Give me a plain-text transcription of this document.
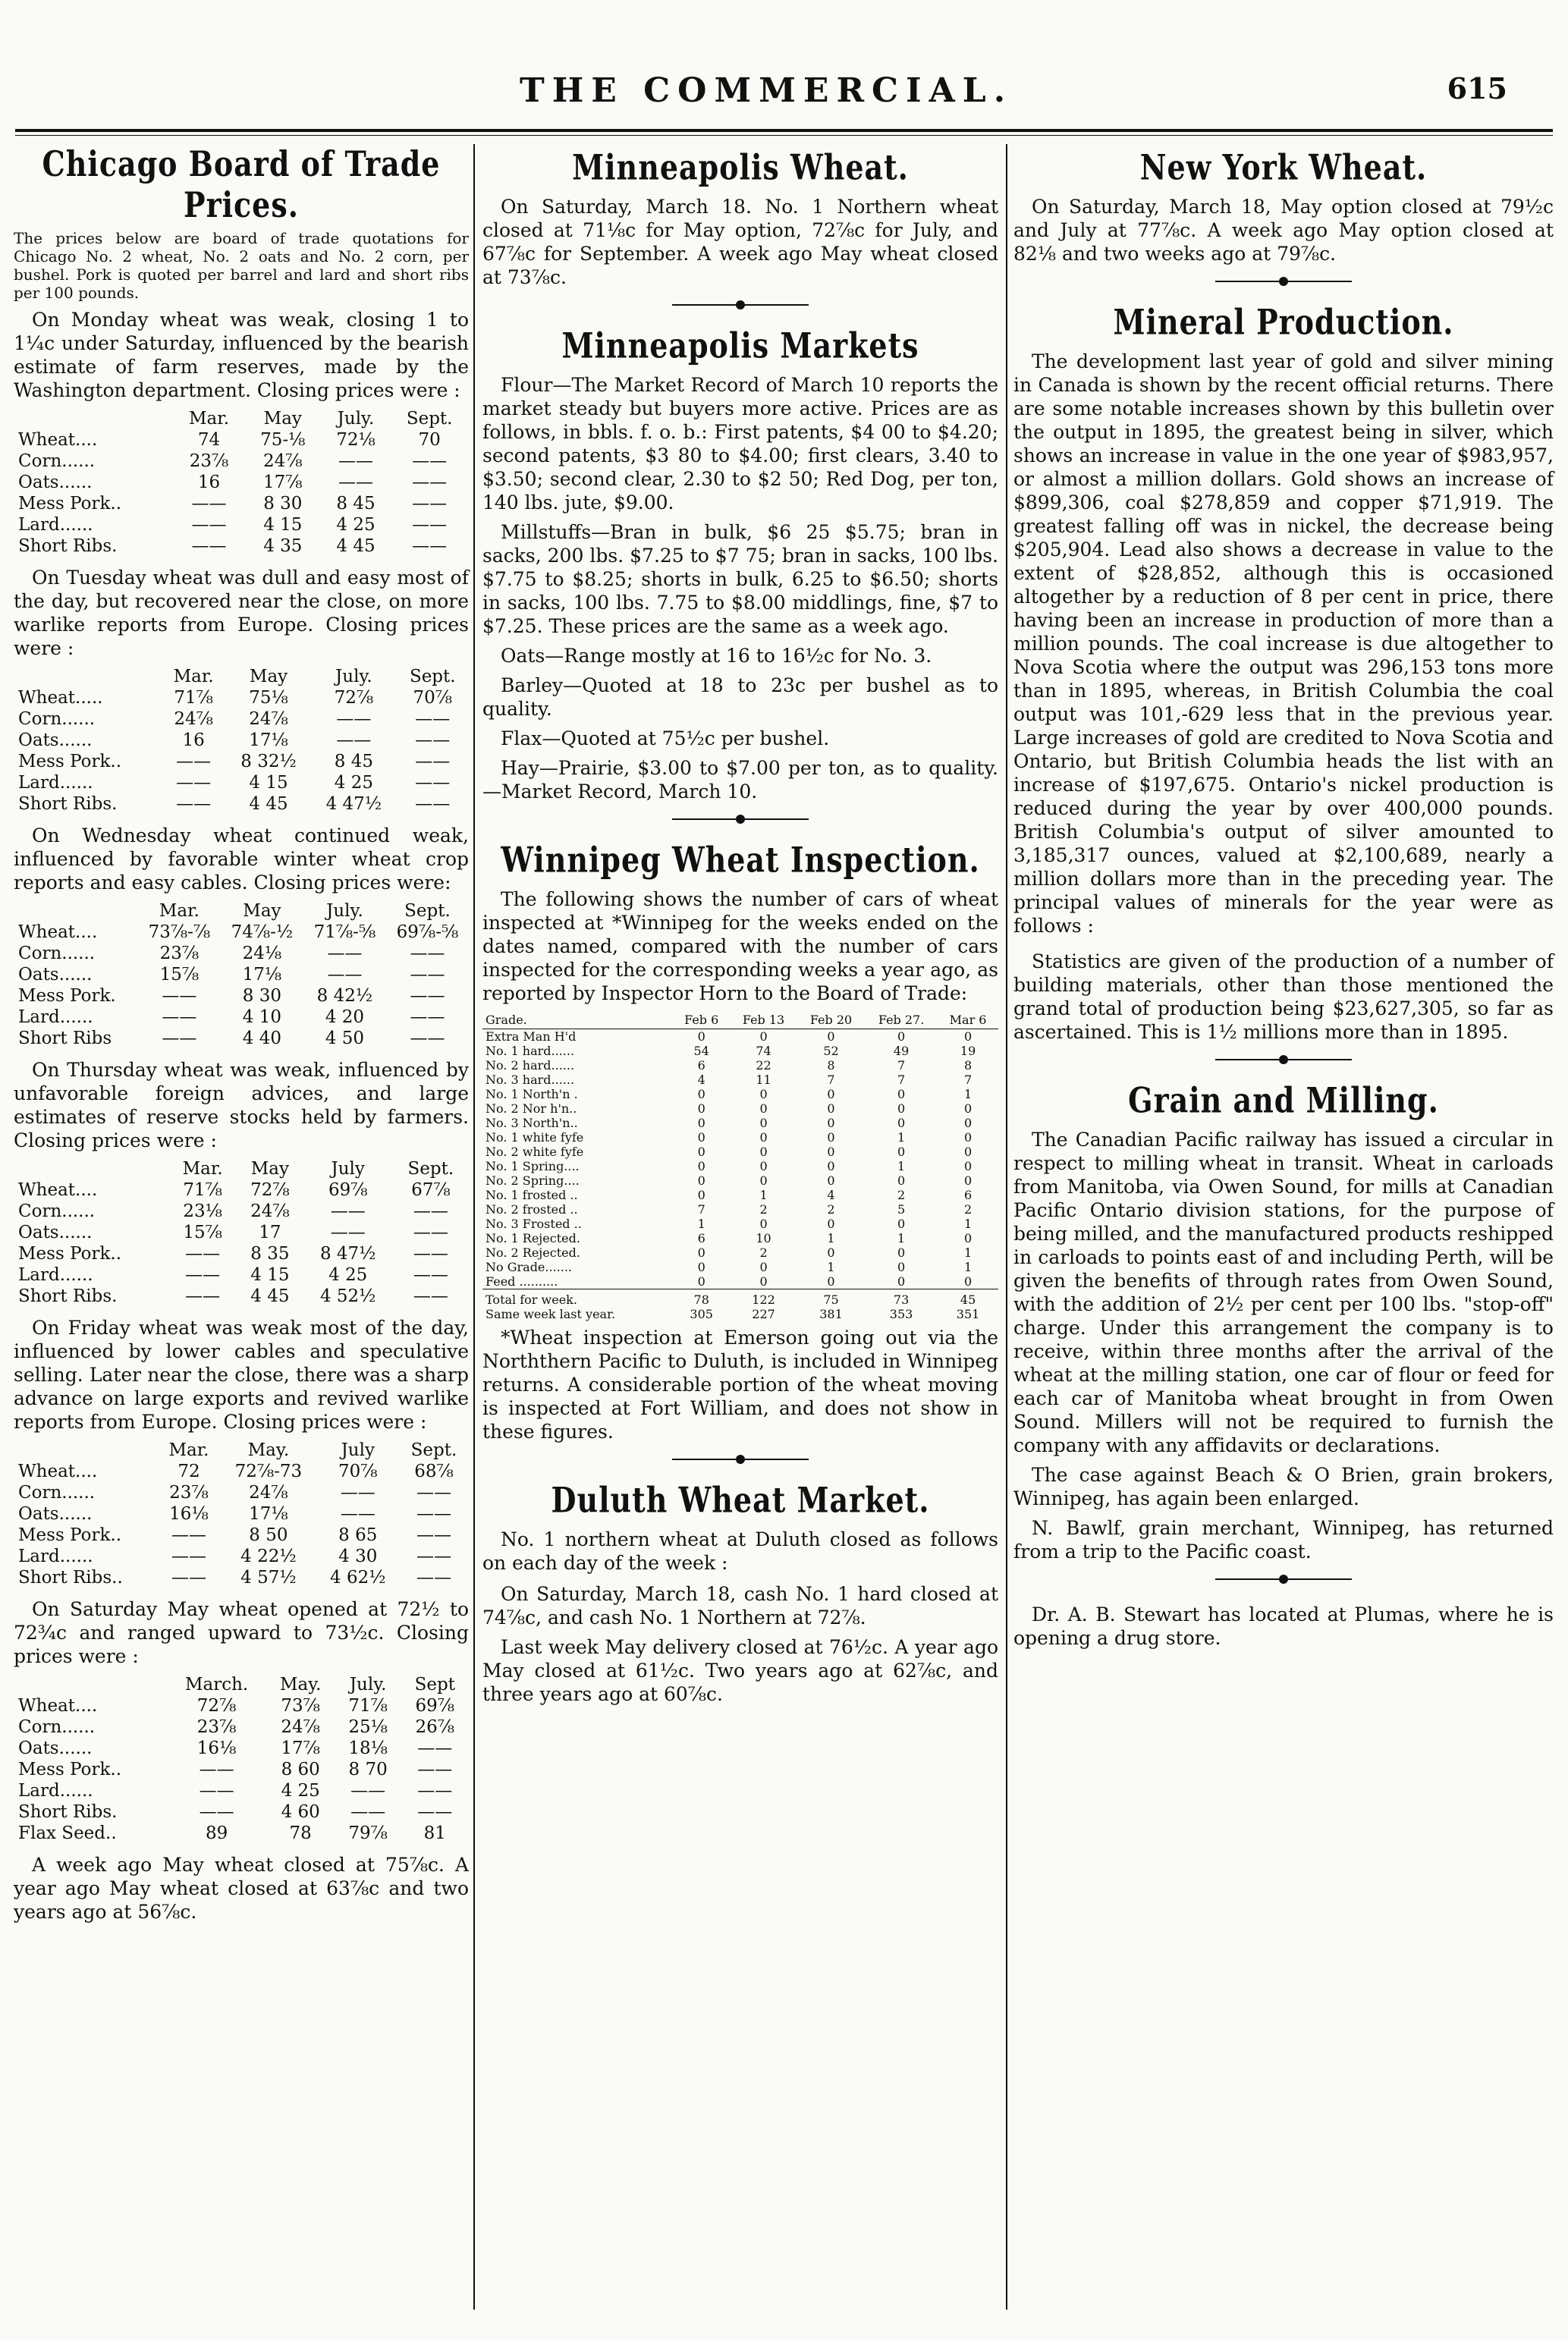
THE COMMERCIAL.	615
Chicago Board of Trade Prices.
The prices below are board of trade quotations for Chicago No. 2 wheat, No. 2 oats and No. 2 corn, per bushel. Pork is quoted per barrel and lard and short ribs per 100 pounds.
On Monday wheat was weak, closing 1 to 1¼c under Saturday, influenced by the bearish estimate of farm reserves, made by the Washington department. Closing prices were :
	Mar.	May	July.	Sept.
Wheat....	74	75-⅛	72⅛	70
Corn......	23⅞	24⅞	——	——
Oats......	16	17⅞	——	——
Mess Pork..	——	8 30	8 45	——
Lard......	——	4 15	4 25	——
Short Ribs.	——	4 35	4 45	——
On Tuesday wheat was dull and easy most of the day, but recovered near the close, on more warlike reports from Europe. Closing prices were :
	Mar.	May	July.	Sept.
Wheat.....	71⅞	75⅛	72⅞	70⅞
Corn......	24⅞	24⅞	——	——
Oats......	16	17⅛	——	——
Mess Pork..	——	8 32½	8 45	——
Lard......	——	4 15	4 25	——
Short Ribs.	——	4 45	4 47½	——
On Wednesday wheat continued weak, influenced by favorable winter wheat crop reports and easy cables. Closing prices were:
	Mar.	May	July.	Sept.
Wheat....	73⅞-⅞	74⅞-½	71⅞-⅝	69⅞-⅝
Corn......	23⅞	24⅛	——	——
Oats......	15⅞	17⅛	——	——
Mess Pork.	——	8 30	8 42½	——
Lard......	——	4 10	4 20	——
Short Ribs	——	4 40	4 50	——
On Thursday wheat was weak, influenced by unfavorable foreign advices, and large estimates of reserve stocks held by farmers. Closing prices were :
	Mar.	May	July	Sept.
Wheat....	71⅞	72⅞	69⅞	67⅞
Corn......	23⅛	24⅞	——	——
Oats......	15⅞	17	——	——
Mess Pork..	——	8 35	8 47½	——
Lard......	——	4 15	4 25	——
Short Ribs.	——	4 45	4 52½	——
On Friday wheat was weak most of the day, influenced by lower cables and speculative selling. Later near the close, there was a sharp advance on large exports and revived warlike reports from Europe. Closing prices were :
	Mar.	May.	July	Sept.
Wheat....	72	72⅞-73	70⅞	68⅞
Corn......	23⅞	24⅞	——	——
Oats......	16⅛	17⅛	——	——
Mess Pork..	——	8 50	8 65	——
Lard......	——	4 22½	4 30	——
Short Ribs..	——	4 57½	4 62½	——
On Saturday May wheat opened at 72½ to 72¾c and ranged upward to 73½c. Closing prices were :
	March.	May.	July.	Sept
Wheat....	72⅞	73⅞	71⅞	69⅞
Corn......	23⅞	24⅞	25⅛	26⅞
Oats......	16⅛	17⅞	18⅛	——
Mess Pork..	——	8 60	8 70	——
Lard......	——	4 25	——	——
Short Ribs.	——	4 60	——	——
Flax Seed..	89	78	79⅞	81
A week ago May wheat closed at 75⅞c. A year ago May wheat closed at 63⅞c and two years ago at 56⅞c.
Minneapolis Wheat.
On Saturday, March 18. No. 1 Northern wheat closed at 71⅛c for May option, 72⅞c for July, and 67⅞c for September. A week ago May wheat closed at 73⅞c.
Minneapolis Markets
Flour—The Market Record of March 10 reports the market steady but buyers more active. Prices are as follows, in bbls. f. o. b.: First patents, $4 00 to $4.20; second patents, $3 80 to $4.00; first clears, 3.40 to $3.50; second clear, 2.30 to $2 50; Red Dog, per ton, 140 lbs. jute, $9.00.
Millstuffs—Bran in bulk, $6 25 $5.75; bran in sacks, 200 lbs. $7.25 to $7 75; bran in sacks, 100 lbs. $7.75 to $8.25; shorts in bulk, 6.25 to $6.50; shorts in sacks, 100 lbs. 7.75 to $8.00 middlings, fine, $7 to $7.25. These prices are the same as a week ago.
Oats—Range mostly at 16 to 16½c for No. 3.
Barley—Quoted at 18 to 23c per bushel as to quality.
Flax—Quoted at 75½c per bushel.
Hay—Prairie, $3.00 to $7.00 per ton, as to quality.—Market Record, March 10.
Winnipeg Wheat Inspection.
The following shows the number of cars of wheat inspected at *Winnipeg for the weeks ended on the dates named, compared with the number of cars inspected for the corresponding weeks a year ago, as reported by Inspector Horn to the Board of Trade:
Grade.	Feb 6	Feb 13	Feb 20	Feb 27.	Mar 6
Extra Man H'd	0	0	0	0	0
No. 1 hard......	54	74	52	49	19
No. 2 hard......	6	22	8	7	8
No. 3 hard......	4	11	7	7	7
No. 1 North'n .	0	0	0	0	1
No. 2 Nor h'n..	0	0	0	0	0
No. 3 North'n..	0	0	0	0	0
No. 1 white fyfe	0	0	0	1	0
No. 2 white fyfe	0	0	0	0	0
No. 1 Spring....	0	0	0	1	0
No. 2 Spring....	0	0	0	0	0
No. 1 frosted ..	0	1	4	2	6
No. 2 frosted ..	7	2	2	5	2
No. 3 Frosted ..	1	0	0	0	1
No. 1 Rejected.	6	10	1	1	0
No. 2 Rejected.	0	2	0	0	1
No Grade.......	0	0	1	0	1
Feed ..........	0	0	0	0	0
Total for week.	78	122	75	73	45
Same week last year.	305	227	381	353	351
*Wheat inspection at Emerson going out via the Norththern Pacific to Duluth, is included in Winnipeg returns. A considerable portion of the wheat moving is inspected at Fort William, and does not show in these figures.
Duluth Wheat Market.
No. 1 northern wheat at Duluth closed as follows on each day of the week :
On Saturday, March 18, cash No. 1 hard closed at 74⅞c, and cash No. 1 Northern at 72⅞.
Last week May delivery closed at 76½c. A year ago May closed at 61½c. Two years ago at 62⅞c, and three years ago at 60⅞c.
New York Wheat.
On Saturday, March 18, May option closed at 79½c and July at 77⅞c. A week ago May option closed at 82⅛ and two weeks ago at 79⅞c.
Mineral Production.
The development last year of gold and silver mining in Canada is shown by the recent official returns. There are some notable increases shown by this bulletin over the output in 1895, the greatest being in silver, which shows an increase in value in the one year of $983,957, or almost a million dollars. Gold shows an increase of $899,306, coal $278,859 and copper $71,919. The greatest falling off was in nickel, the decrease being $205,904. Lead also shows a decrease in value to the extent of $28,852, although this is occasioned altogether by a reduction of 8 per cent in price, there having been an increase in production of more than a million pounds. The coal increase is due altogether to Nova Scotia where the output was 296,153 tons more than in 1895, whereas, in British Columbia the coal output was 101,-629 less that in the previous year. Large increases of gold are credited to Nova Scotia and Ontario, but British Columbia heads the list with an increase of $197,675. Ontario's nickel production is reduced during the year by over 400,000 pounds. British Columbia's output of silver amounted to 3,185,317 ounces, valued at $2,100,689, nearly a million dollars more than in the preceding year. The principal values of minerals for the year were as follows :
Statistics are given of the production of a number of building materials, other than those mentioned the grand total of production being $23,627,305, so far as ascertained. This is 1½ millions more than in 1895.
Grain and Milling.
The Canadian Pacific railway has issued a circular in respect to milling wheat in transit. Wheat in carloads from Manitoba, via Owen Sound, for mills at Canadian Pacific Ontario division stations, for the purpose of being milled, and the manufactured products reshipped in carloads to points east of and including Perth, will be given the benefits of through rates from Owen Sound, with the addition of 2½ per cent per 100 lbs. "stop-off" charge. Under this arrangement the company is to receive, within three months after the arrival of the wheat at the milling station, one car of flour or feed for each car of Manitoba wheat brought in from Owen Sound. Millers will not be required to furnish the company with any affidavits or declarations.
The case against Beach & O Brien, grain brokers, Winnipeg, has again been enlarged.
N. Bawlf, grain merchant, Winnipeg, has returned from a trip to the Pacific coast.
Dr. A. B. Stewart has located at Plumas, where he is opening a drug store.
